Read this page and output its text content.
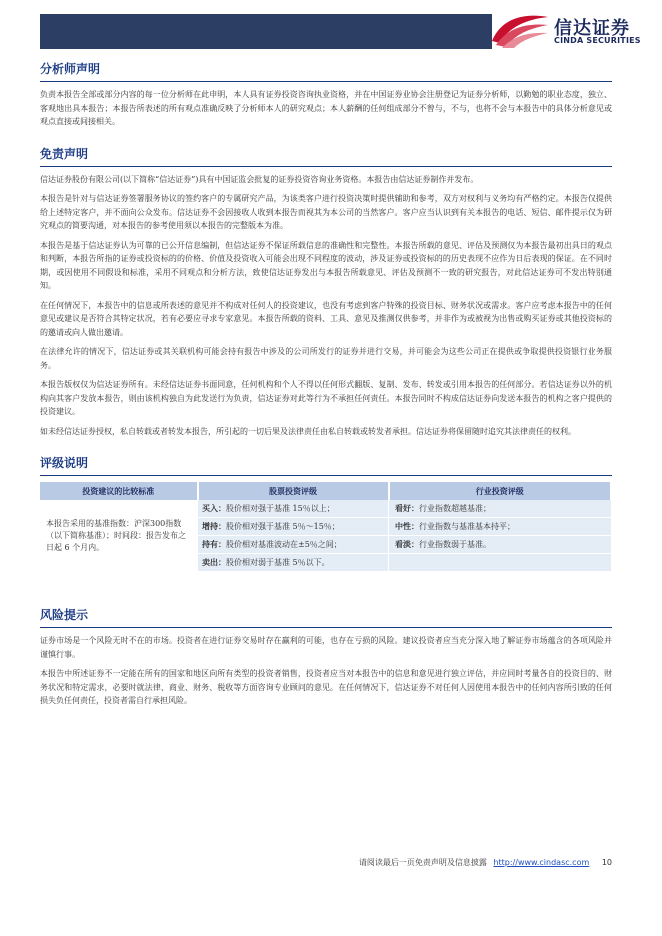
信达证券
CINDA SECURITIES
分析师声明

负责本报告全部或部分内容的每一位分析师在此申明，本人具有证券投资咨询执业资格，并在中国证券业协会注册登记为证券分析师，以勤勉的职业态度，独立、客观地出具本报告；本报告所表述的所有观点准确反映了分析师本人的研究观点；本人薪酬的任何组成部分不曾与，不与，也将不会与本报告中的具体分析意见或观点直接或间接相关。

免责声明

信达证券股份有限公司(以下简称“信达证券”)具有中国证监会批复的证券投资咨询业务资格。本报告由信达证券制作并发布。

本报告是针对与信达证券签署服务协议的签约客户的专属研究产品，为该类客户进行投资决策时提供辅助和参考，双方对权利与义务均有严格约定。本报告仅提供给上述特定客户，并不面向公众发布。信达证券不会因接收人收到本报告而视其为本公司的当然客户。客户应当认识到有关本报告的电话、短信、邮件提示仅为研究观点的简要沟通，对本报告的参考使用须以本报告的完整版本为准。

本报告是基于信达证券认为可靠的已公开信息编制，但信达证券不保证所载信息的准确性和完整性。本报告所载的意见、评估及预测仅为本报告最初出具日的观点和判断，本报告所指的证券或投资标的的价格、价值及投资收入可能会出现不同程度的波动，涉及证券或投资标的的历史表现不应作为日后表现的保证。在不同时期，或因使用不同假设和标准，采用不同观点和分析方法，致使信达证券发出与本报告所载意见、评估及预测不一致的研究报告，对此信达证券可不发出特别通知。

在任何情况下，本报告中的信息或所表述的意见并不构成对任何人的投资建议，也没有考虑到客户特殊的投资目标、财务状况或需求。客户应考虑本报告中的任何意见或建议是否符合其特定状况，若有必要应寻求专家意见。本报告所载的资料、工具、意见及推测仅供参考，并非作为或被视为出售或购买证券或其他投资标的的邀请或向人做出邀请。

在法律允许的情况下，信达证券或其关联机构可能会持有报告中涉及的公司所发行的证券并进行交易，并可能会为这些公司正在提供或争取提供投资银行业务服务。

本报告版权仅为信达证券所有。未经信达证券书面同意，任何机构和个人不得以任何形式翻版、复制、发布、转发或引用本报告的任何部分。若信达证券以外的机构向其客户发放本报告，则由该机构独自为此发送行为负责，信达证券对此等行为不承担任何责任。本报告同时不构成信达证券向发送本报告的机构之客户提供的投资建议。

如未经信达证券授权，私自转载或者转发本报告，所引起的一切后果及法律责任由私自转载或转发者承担。信达证券将保留随时追究其法律责任的权利。

评级说明
投资建议的比较标准	股票投资评级	行业投资评级
本报告采用的基准指数：沪深300指数（以下简称基准）；时间段：报告发布之日起 6 个月内。	买入：股价相对强于基准 15％以上；	看好：行业指数超越基准；
	增持：股价相对强于基准 5％～15％；	中性：行业指数与基准基本持平；
	持有：股价相对基准波动在±5％之间；	看淡：行业指数弱于基准。
	卖出：股价相对弱于基准 5％以下。	
风险提示

证券市场是一个风险无时不在的市场。投资者在进行证券交易时存在赢利的可能，也存在亏损的风险。建议投资者应当充分深入地了解证券市场蕴含的各项风险并谨慎行事。

本报告中所述证券不一定能在所有的国家和地区向所有类型的投资者销售，投资者应当对本报告中的信息和意见进行独立评估，并应同时考量各自的投资目的、财务状况和特定需求，必要时就法律、商业、财务、税收等方面咨询专业顾问的意见。在任何情况下，信达证券不对任何人因使用本报告中的任何内容所引致的任何损失负任何责任，投资者需自行承担风险。

请阅读最后一页免责声明及信息披露 http://www.cindasc.com 10
